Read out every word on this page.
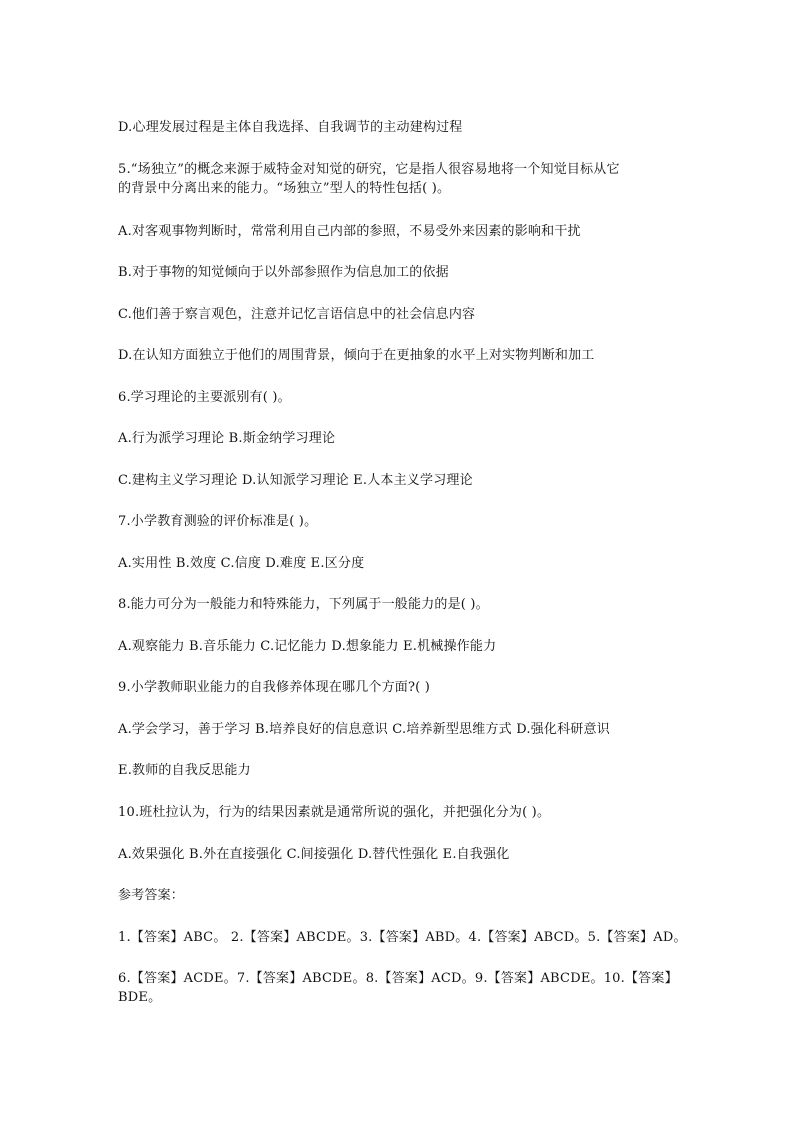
D.心理发展过程是主体自我选择、自我调节的主动建构过程
5.“场独立”的概念来源于威特金对知觉的研究，它是指人很容易地将一个知觉目标从它
的背景中分离出来的能力。“场独立”型人的特性包括( )。
A.对客观事物判断时，常常利用自己内部的参照，不易受外来因素的影响和干扰
B.对于事物的知觉倾向于以外部参照作为信息加工的依据
C.他们善于察言观色，注意并记忆言语信息中的社会信息内容
D.在认知方面独立于他们的周围背景，倾向于在更抽象的水平上对实物判断和加工
6.学习理论的主要派别有( )。
A.行为派学习理论 B.斯金纳学习理论
C.建构主义学习理论 D.认知派学习理论 E.人本主义学习理论
7.小学教育测验的评价标准是( )。
A.实用性 B.效度 C.信度 D.难度 E.区分度
8.能力可分为一般能力和特殊能力，下列属于一般能力的是( )。
A.观察能力 B.音乐能力 C.记忆能力 D.想象能力 E.机械操作能力
9.小学教师职业能力的自我修养体现在哪几个方面?( )
A.学会学习，善于学习 B.培养良好的信息意识 C.培养新型思维方式 D.强化科研意识
E.教师的自我反思能力
10.班杜拉认为，行为的结果因素就是通常所说的强化，并把强化分为( )。
A.效果强化 B.外在直接强化 C.间接强化 D.替代性强化 E.自我强化
参考答案：
1.【答案】ABC。 2.【答案】ABCDE。3.【答案】ABD。4.【答案】ABCD。5.【答案】AD。
6.【答案】ACDE。7.【答案】ABCDE。8.【答案】ACD。9.【答案】ABCDE。10.【答案】
BDE。
